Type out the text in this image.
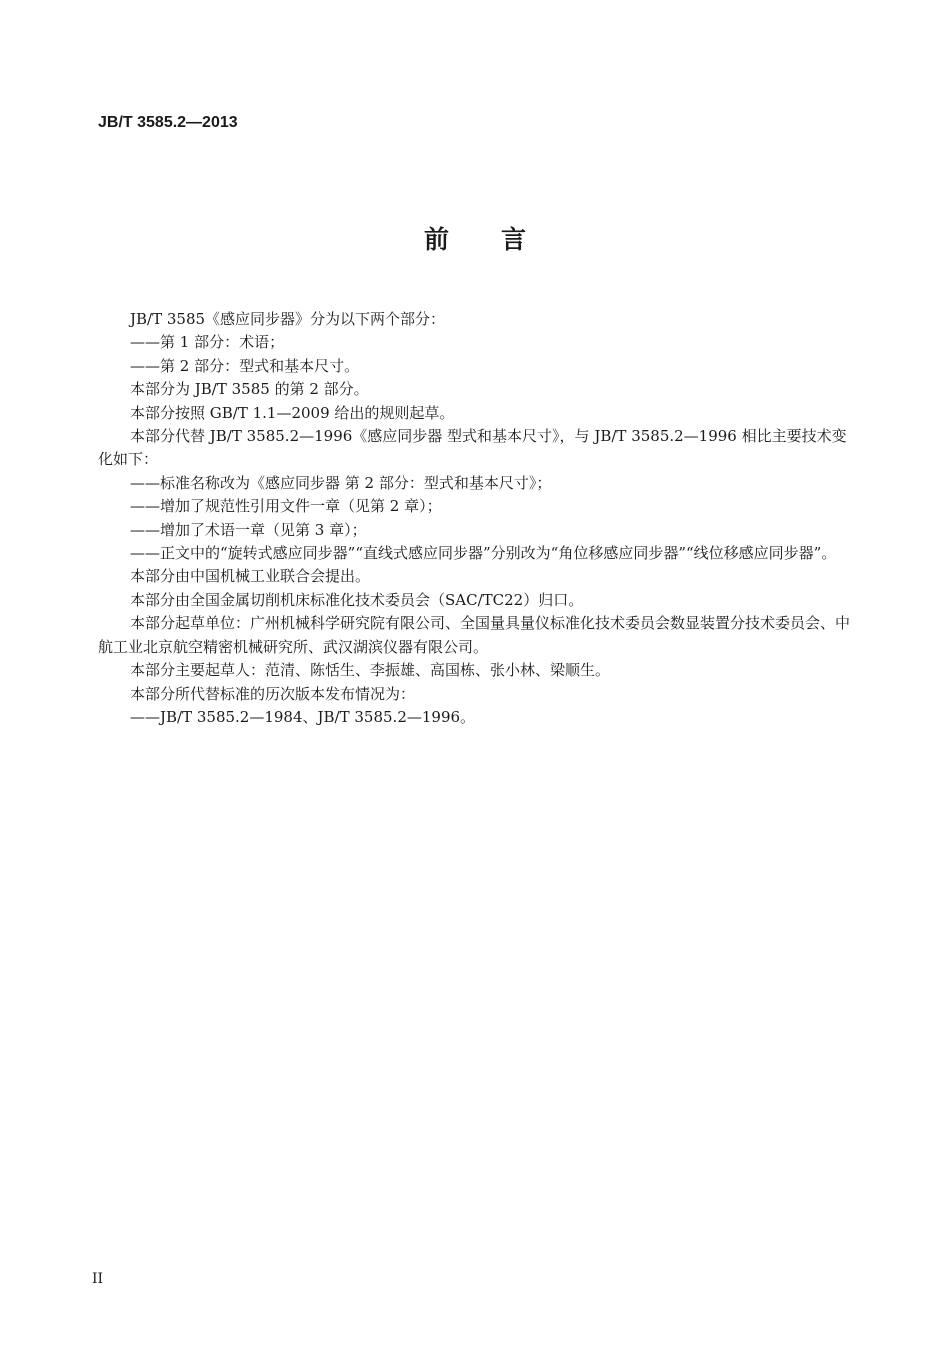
JB/T 3585.2—2013
前言
JB/T 3585《感应同步器》分为以下两个部分：
——第 1 部分：术语；
——第 2 部分：型式和基本尺寸。
本部分为 JB/T 3585 的第 2 部分。
本部分按照 GB/T 1.1—2009 给出的规则起草。
本部分代替 JB/T 3585.2—1996《感应同步器 型式和基本尺寸》，与 JB/T 3585.2—1996 相比主要技术变化如下：
——标准名称改为《感应同步器 第 2 部分：型式和基本尺寸》；
——增加了规范性引用文件一章（见第 2 章）；
——增加了术语一章（见第 3 章）；
——正文中的“旋转式感应同步器”“直线式感应同步器”分别改为“角位移感应同步器”“线位移感应同步器”。
本部分由中国机械工业联合会提出。
本部分由全国金属切削机床标准化技术委员会（SAC/TC22）归口。
本部分起草单位：广州机械科学研究院有限公司、全国量具量仪标准化技术委员会数显装置分技术委员会、中航工业北京航空精密机械研究所、武汉湖滨仪器有限公司。
本部分主要起草人：范清、陈恬生、李振雄、高国栋、张小林、梁顺生。
本部分所代替标准的历次版本发布情况为：
——JB/T 3585.2—1984、JB/T 3585.2—1996。
II
